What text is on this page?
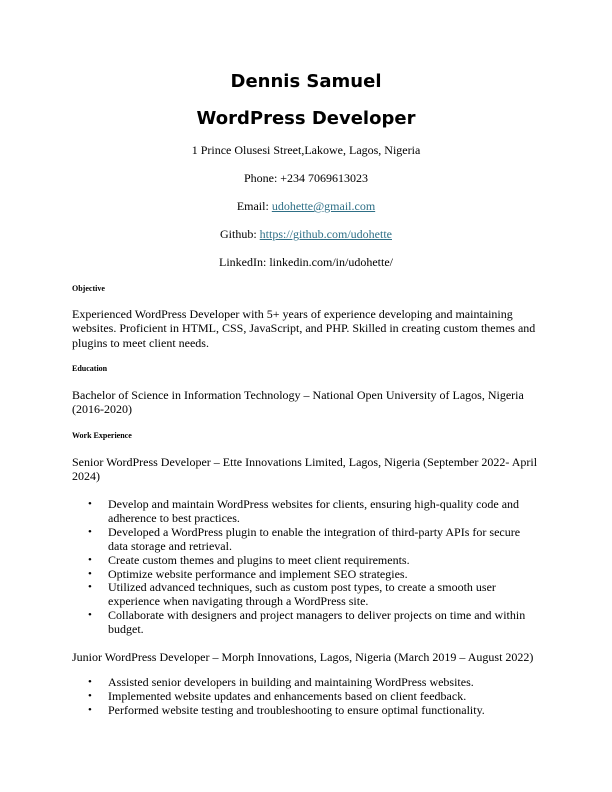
Dennis Samuel
WordPress Developer
1 Prince Olusesi Street,Lakowe, Lagos, Nigeria
Phone: +234 7069613023
Email: udohette@gmail.com
Github: https://github.com/udohette
LinkedIn: linkedin.com/in/udohette/
Objective
Experienced WordPress Developer with 5+ years of experience developing and maintaining websites. Proficient in HTML, CSS, JavaScript, and PHP. Skilled in creating custom themes and plugins to meet client needs.
Education
Bachelor of Science in Information Technology – National Open University of Lagos, Nigeria (2016-2020)
Work Experience
Senior WordPress Developer – Ette Innovations Limited, Lagos, Nigeria (September 2022- April 2024)
• Develop and maintain WordPress websites for clients, ensuring high-quality code and adherence to best practices.
• Developed a WordPress plugin to enable the integration of third-party APIs for secure data storage and retrieval.
• Create custom themes and plugins to meet client requirements.
• Optimize website performance and implement SEO strategies.
• Utilized advanced techniques, such as custom post types, to create a smooth user experience when navigating through a WordPress site.
• Collaborate with designers and project managers to deliver projects on time and within budget.
Junior WordPress Developer – Morph Innovations, Lagos, Nigeria (March 2019 – August 2022)
• Assisted senior developers in building and maintaining WordPress websites.
• Implemented website updates and enhancements based on client feedback.
• Performed website testing and troubleshooting to ensure optimal functionality.
